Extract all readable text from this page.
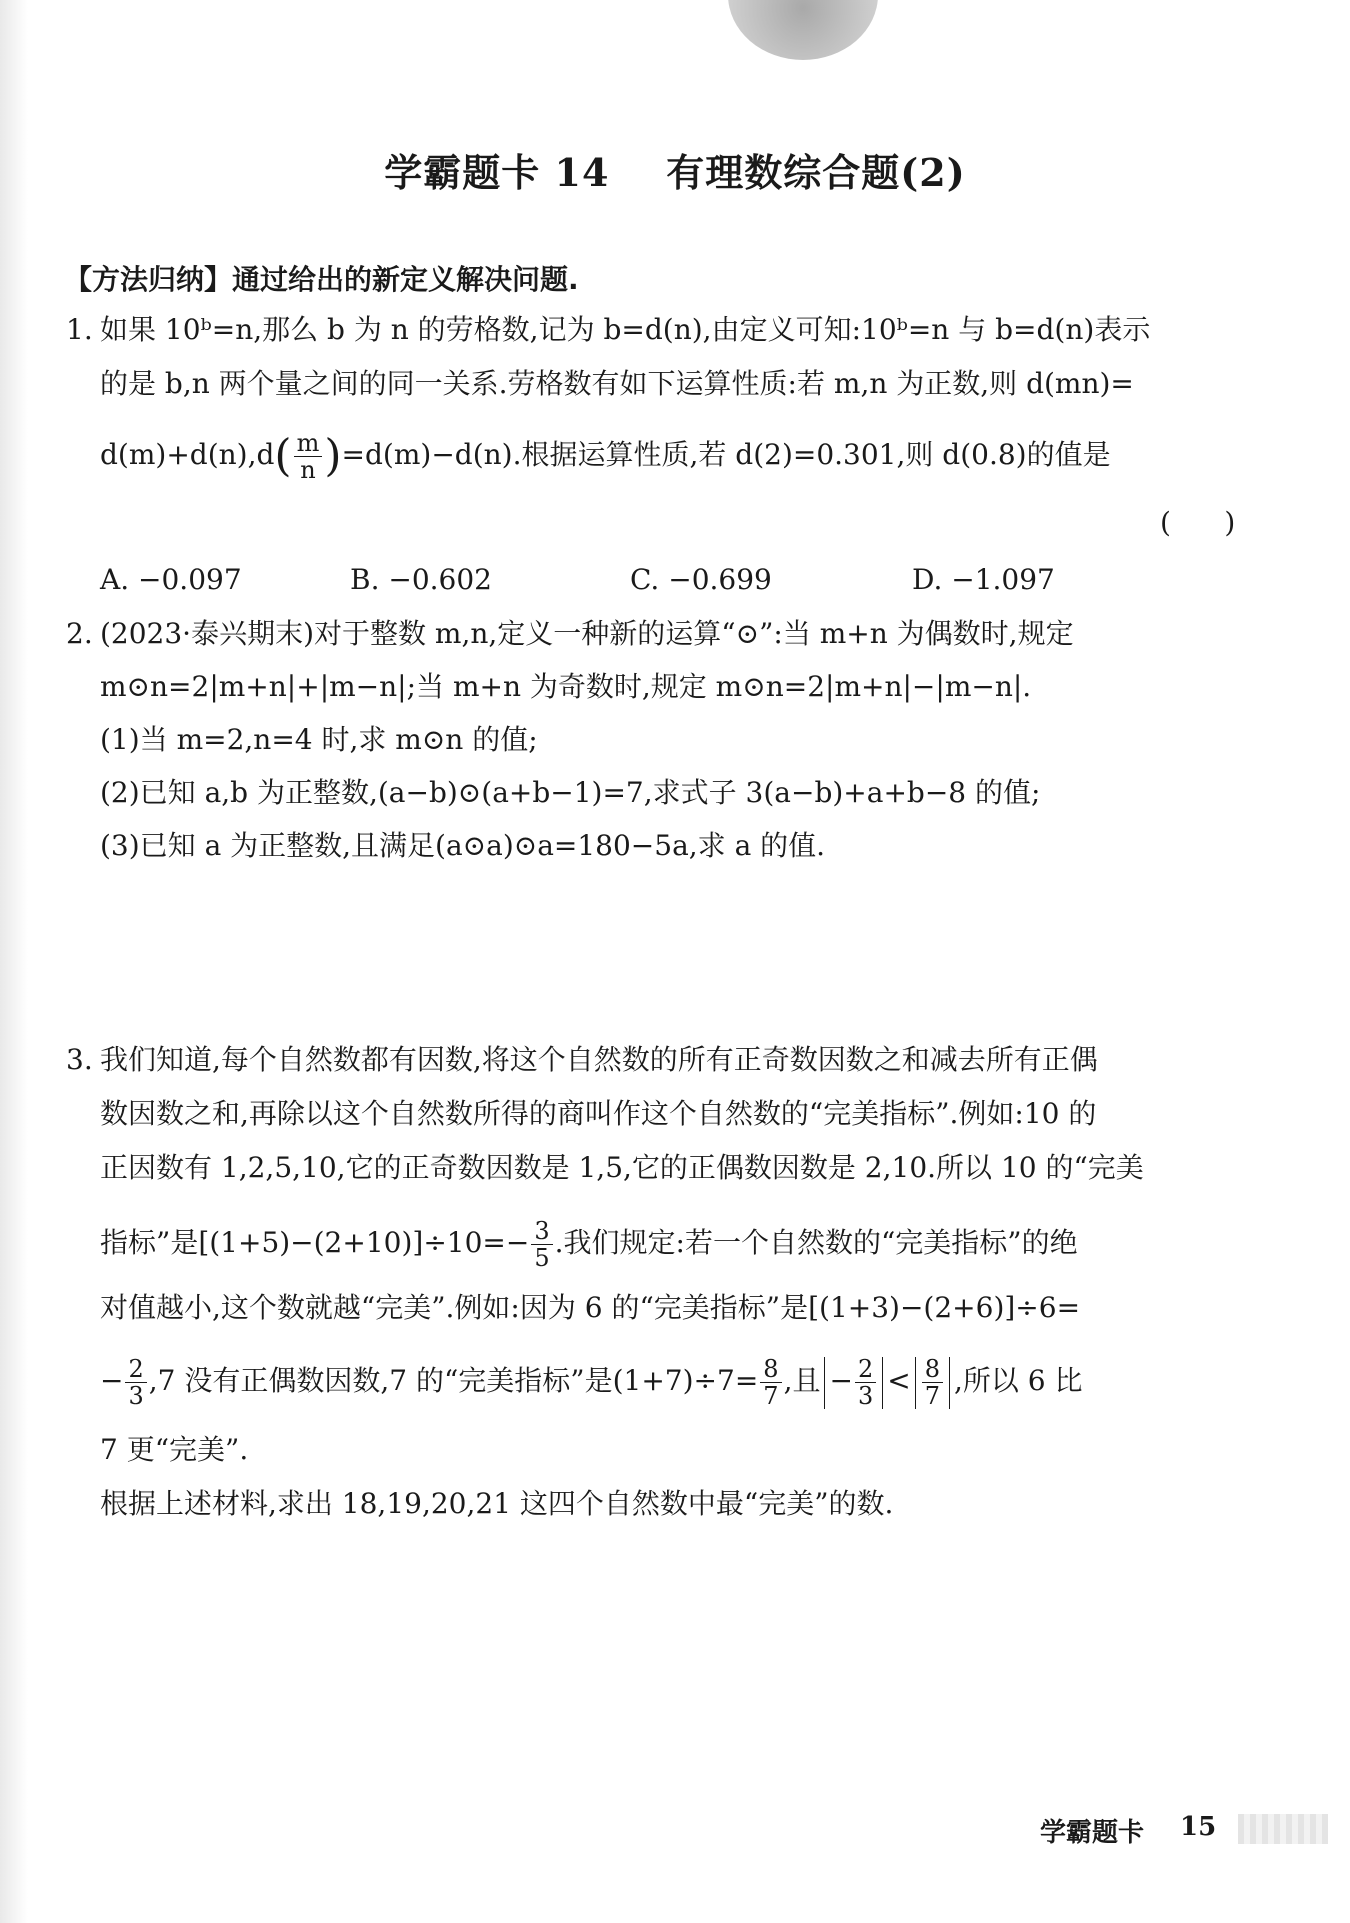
学霸题卡 14    有理数综合题(2)
【方法归纳】通过给出的新定义解决问题.
1. 如果 10ᵇ=n,那么 b 为 n 的劳格数,记为 b=d(n),由定义可知:10ᵇ=n 与 b=d(n)表示
的是 b,n 两个量之间的同一关系.劳格数有如下运算性质:若 m,n 为正数,则 d(mn)=
$d(m)+d(n),d( \frac{m}{n} )=d(m)-d(n)$.根据运算性质,若 d(2)=0.301,则 d(0.8)的值是
(      )
A. −0.097	B. −0.602	C. −0.699	D. −1.097
2. (2023·泰兴期末)对于整数 m,n,定义一种新的运算“⊙”:当 m+n 为偶数时,规定
m⊙n=2|m+n|+|m−n|;当 m+n 为奇数时,规定 m⊙n=2|m+n|−|m−n|.
(1)当 m=2,n=4 时,求 m⊙n 的值;
(2)已知 a,b 为正整数,(a−b)⊙(a+b−1)=7,求式子 3(a−b)+a+b−8 的值;
(3)已知 a 为正整数,且满足(a⊙a)⊙a=180−5a,求 a 的值.
3. 我们知道,每个自然数都有因数,将这个自然数的所有正奇数因数之和减去所有正偶
数因数之和,再除以这个自然数所得的商叫作这个自然数的“完美指标”.例如:10 的
正因数有 1,2,5,10,它的正奇数因数是 1,5,它的正偶数因数是 2,10.所以 10 的“完美
指标”是$[(1+5)-(2+10)]\div 10=- \frac{3}{5}$ .我们规定:若一个自然数的“完美指标”的绝
对值越小,这个数就越“完美”.例如:因为 6 的“完美指标”是[(1+3)−(2+6)]÷6=
− $\frac{2}{3} ,7$ 没有正偶数因数,7 的“完美指标”是$(1+7)\div 7= \frac{8}{7}$ ,且 − $\frac{2}{3} < \frac{8}{7}$ ,所以 6 比
7 更“完美”.
根据上述材料,求出 18,19,20,21 这四个自然数中最“完美”的数.
学霸题卡 15
